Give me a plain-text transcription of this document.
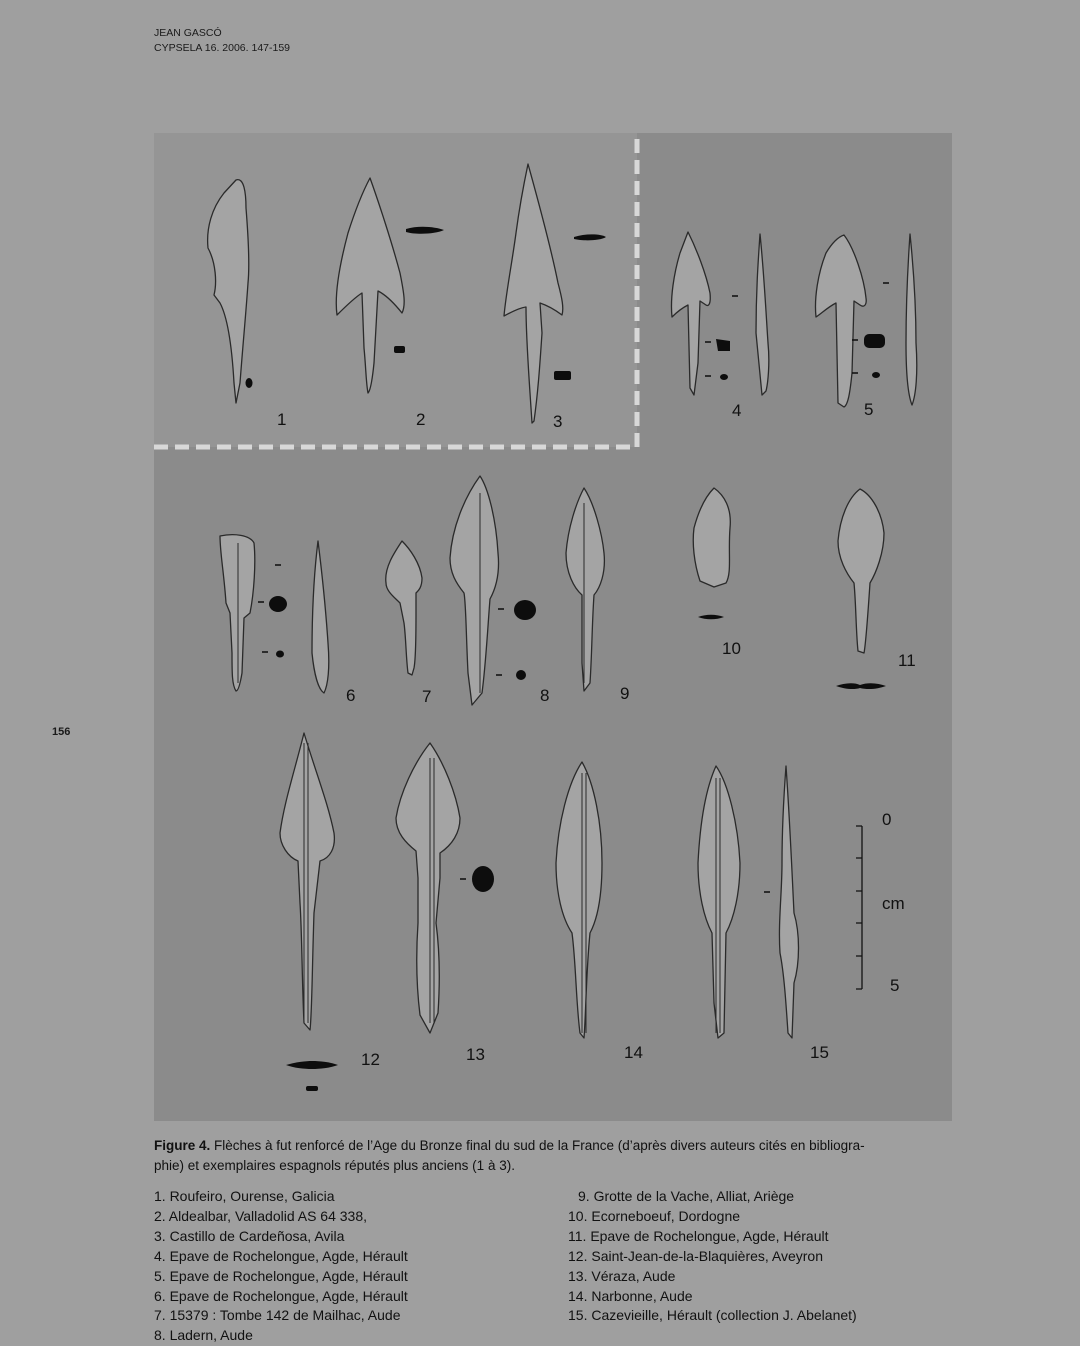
JEAN GASCÓ
CYPSELA 16. 2006. 147-159
156
1	2	3
4	5
6	7	8	9
10
11
12	13	14	15
0
cm
5
Figure 4. Flèches à fut renforcé de l’Age du Bronze final du sud de la France (d’après divers auteurs cités en bibliogra-
phie) et exemplaires espagnols réputés plus anciens (1 à 3).
1. Roufeiro, Ourense, Galicia
2. Aldealbar, Valladolid AS 64 338,
3. Castillo de Cardeñosa, Avila
4. Epave de Rochelongue, Agde, Hérault
5. Epave de Rochelongue, Agde, Hérault
6. Epave de Rochelongue, Agde, Hérault
7. 15379 : Tombe 142 de Mailhac, Aude
8. Ladern, Aude
9. Grotte de la Vache, Alliat, Ariège
10. Ecorneboeuf, Dordogne
11. Epave de Rochelongue, Agde, Hérault
12. Saint-Jean-de-la-Blaquières, Aveyron
13. Véraza, Aude
14. Narbonne, Aude
15. Cazevieille, Hérault (collection J. Abelanet)
